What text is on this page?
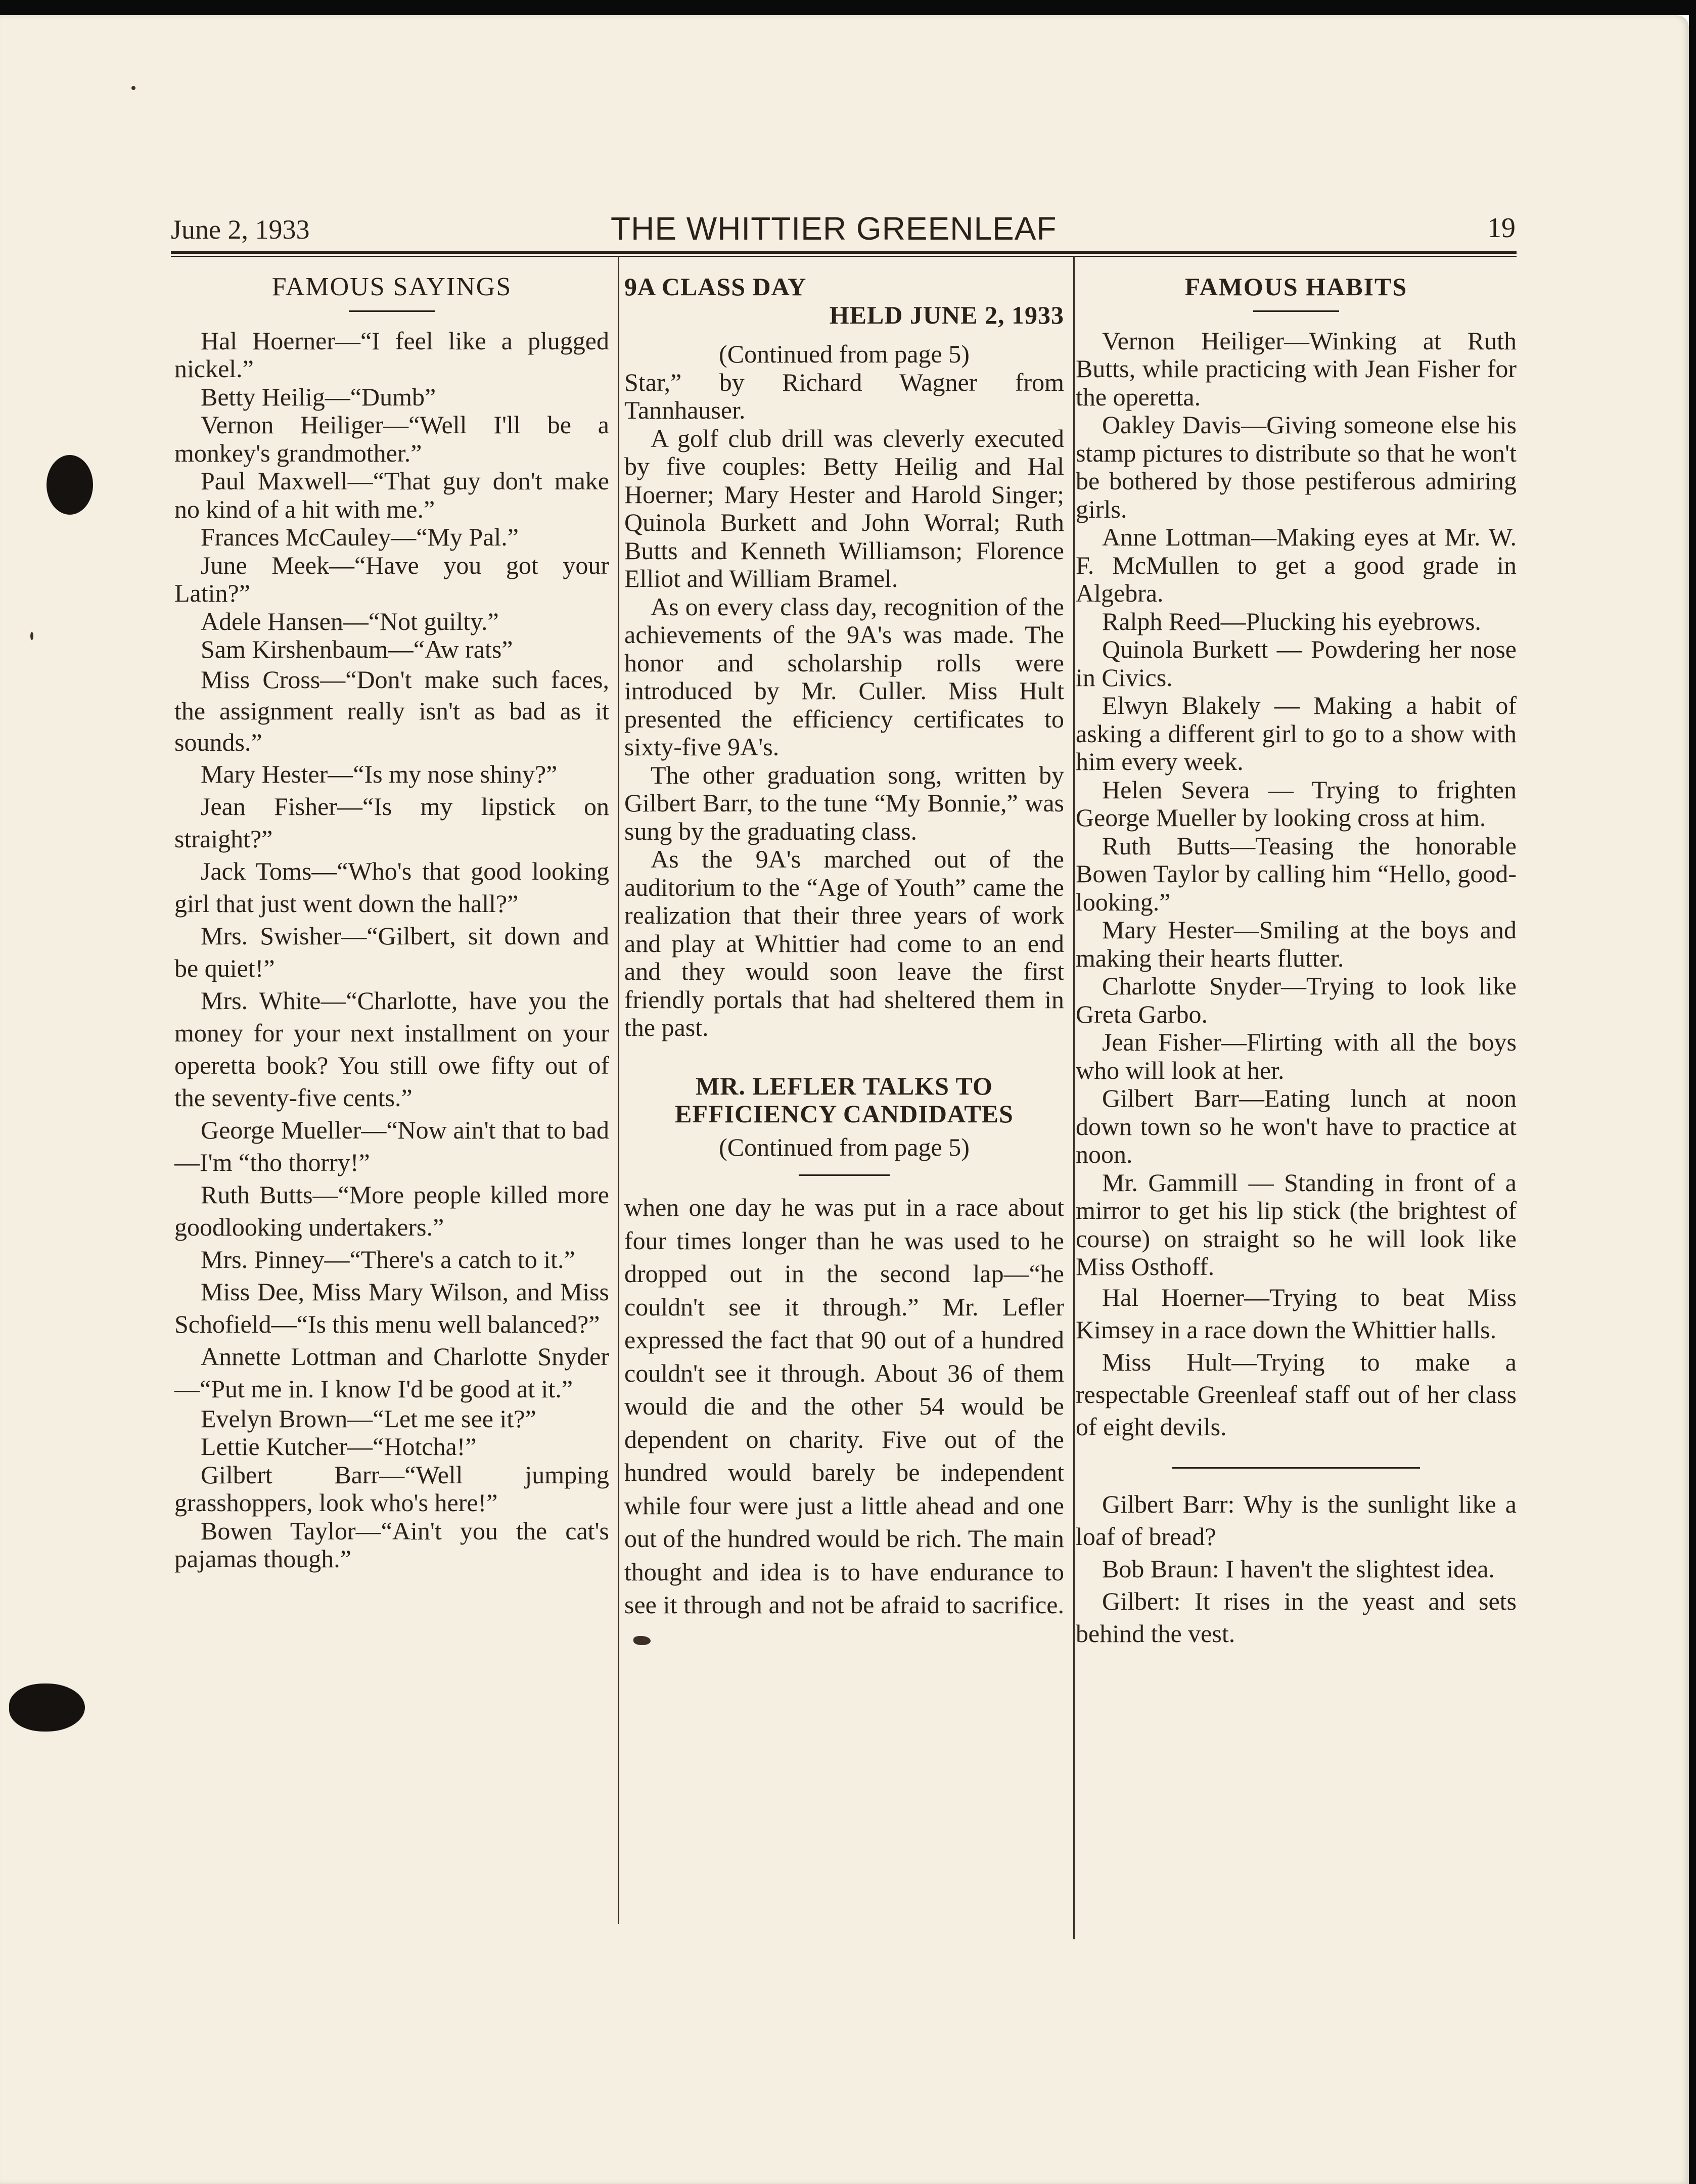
June 2, 1933	THE WHITTIER GREENLEAF	19
FAMOUS SAYINGS

Hal Hoerner—“I feel like a plugged nickel.”

Betty Heilig—“Dumb”

Vernon Heiliger—“Well I'll be a monkey's grandmother.”

Paul Maxwell—“That guy don't make no kind of a hit with me.”

Frances McCauley—“My Pal.”

June Meek—“Have you got your Latin?”

Adele Hansen—“Not guilty.”

Sam Kirshenbaum—“Aw rats”

Miss Cross—“Don't make such faces, the assignment really isn't as bad as it sounds.”

Mary Hester—“Is my nose shiny?”

Jean Fisher—“Is my lipstick on straight?”

Jack Toms—“Who's that good looking girl that just went down the hall?”

Mrs. Swisher—“Gilbert, sit down and be quiet!”

Mrs. White—“Charlotte, have you the money for your next installment on your operetta book? You still owe fifty out of the seventy-five cents.”

George Mueller—“Now ain't that to bad—I'm “tho thorry!”

Ruth Butts—“More people killed more goodlooking undertakers.”

Mrs. Pinney—“There's a catch to it.”

Miss Dee, Miss Mary Wilson, and Miss Schofield—“Is this menu well balanced?”

Annette Lottman and Charlotte Snyder—“Put me in. I know I'd be good at it.”

Evelyn Brown—“Let me see it?”

Lettie Kutcher—“Hotcha!”

Gilbert Barr—“Well jumping grasshoppers, look who's here!”

Bowen Taylor—“Ain't you the cat's pajamas though.”

9A CLASS DAY
HELD JUNE 2, 1933
(Continued from page 5)

Star,” by Richard Wagner from Tannhauser.

A golf club drill was cleverly executed by five couples: Betty Heilig and Hal Hoerner; Mary Hester and Harold Singer; Quinola Burkett and John Worral; Ruth Butts and Kenneth Williamson; Florence Elliot and William Bramel.

As on every class day, recognition of the achievements of the 9A's was made. The honor and scholarship rolls were introduced by Mr. Culler. Miss Hult presented the efficiency certificates to sixty-five 9A's.

The other graduation song, written by Gilbert Barr, to the tune “My Bonnie,” was sung by the graduating class.

As the 9A's marched out of the auditorium to the “Age of Youth” came the realization that their three years of work and play at Whittier had come to an end and they would soon leave the first friendly portals that had sheltered them in the past.

MR. LEFLER TALKS TO
EFFICIENCY CANDIDATES
(Continued from page 5)

when one day he was put in a race about four times longer than he was used to he dropped out in the second lap—“he couldn't see it through.” Mr. Lefler expressed the fact that 90 out of a hundred couldn't see it through. About 36 of them would die and the other 54 would be dependent on charity. Five out of the hundred would barely be independent while four were just a little ahead and one out of the hundred would be rich. The main thought and idea is to have endurance to see it through and not be afraid to sacrifice.

FAMOUS HABITS

Vernon Heiliger—Winking at Ruth Butts, while practicing with Jean Fisher for the operetta.

Oakley Davis—Giving someone else his stamp pictures to distribute so that he won't be bothered by those pestiferous admiring girls.

Anne Lottman—Making eyes at Mr. W. F. McMullen to get a good grade in Algebra.

Ralph Reed—Plucking his eyebrows.

Quinola Burkett — Powdering her nose in Civics.

Elwyn Blakely — Making a habit of asking a different girl to go to a show with him every week.

Helen Severa — Trying to frighten George Mueller by looking cross at him.

Ruth Butts—Teasing the honorable Bowen Taylor by calling him “Hello, good-looking.”

Mary Hester—Smiling at the boys and making their hearts flutter.

Charlotte Snyder—Trying to look like Greta Garbo.

Jean Fisher—Flirting with all the boys who will look at her.

Gilbert Barr—Eating lunch at noon down town so he won't have to practice at noon.

Mr. Gammill — Standing in front of a mirror to get his lip stick (the brightest of course) on straight so he will look like Miss Osthoff.

Hal Hoerner—Trying to beat Miss Kimsey in a race down the Whittier halls.

Miss Hult—Trying to make a respectable Greenleaf staff out of her class of eight devils.

Gilbert Barr: Why is the sunlight like a loaf of bread?

Bob Braun: I haven't the slightest idea.

Gilbert: It rises in the yeast and sets behind the vest.
